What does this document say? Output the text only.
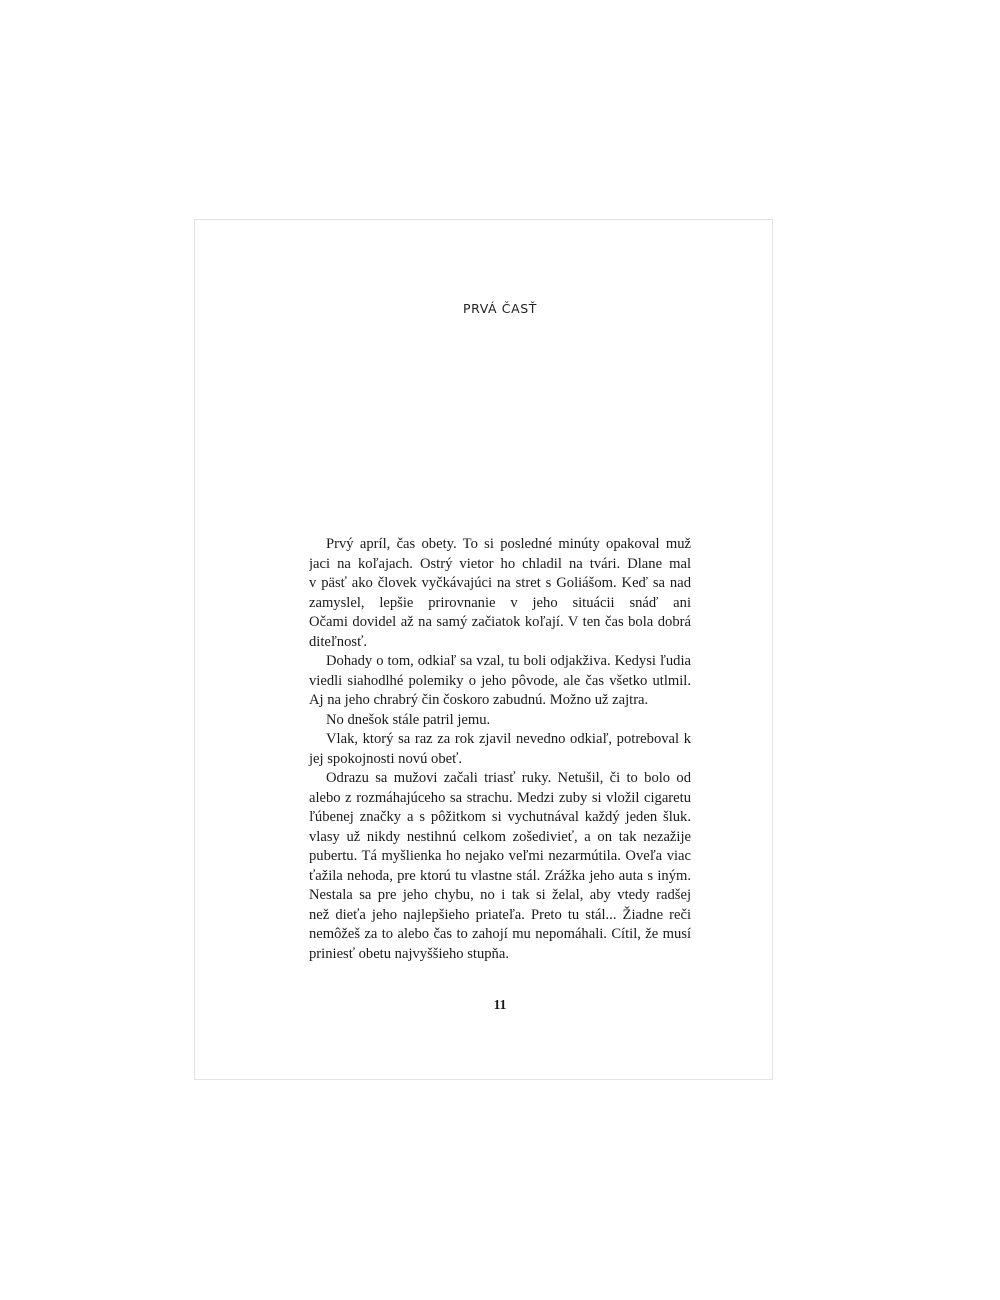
PRVÁ ČASŤ
Prvý apríl, čas obety. To si posledné minúty opakoval muž
jaci na koľajach. Ostrý vietor ho chladil na tvári. Dlane mal
v päsť ako človek vyčkávajúci na stret s Goliášom. Keď sa nad
zamyslel, lepšie prirovnanie v jeho situácii snáď ani
Očami dovidel až na samý začiatok koľají. V ten čas bola dobrá
diteľnosť.
Dohady o tom, odkiaľ sa vzal, tu boli odjakživa. Kedysi ľudia
viedli siahodlhé polemiky o jeho pôvode, ale čas všetko utlmil.
Aj na jeho chrabrý čin čoskoro zabudnú. Možno už zajtra.
No dnešok stále patril jemu.
Vlak, ktorý sa raz za rok zjavil nevedno odkiaľ, potreboval k
jej spokojnosti novú obeť.
Odrazu sa mužovi začali triasť ruky. Netušil, či to bolo od
alebo z rozmáhajúceho sa strachu. Medzi zuby si vložil cigaretu
ľúbenej značky a s pôžitkom si vychutnával každý jeden šluk.
vlasy už nikdy nestihnú celkom zošedivieť, a on tak nezažije
pubertu. Tá myšlienka ho nejako veľmi nezarmútila. Oveľa viac
ťažila nehoda, pre ktorú tu vlastne stál. Zrážka jeho auta s iným.
Nestala sa pre jeho chybu, no i tak si želal, aby vtedy radšej
než dieťa jeho najlepšieho priateľa. Preto tu stál... Žiadne reči
nemôžeš za to alebo čas to zahojí mu nepomáhali. Cítil, že musí
priniesť obetu najvyššieho stupňa.
11
